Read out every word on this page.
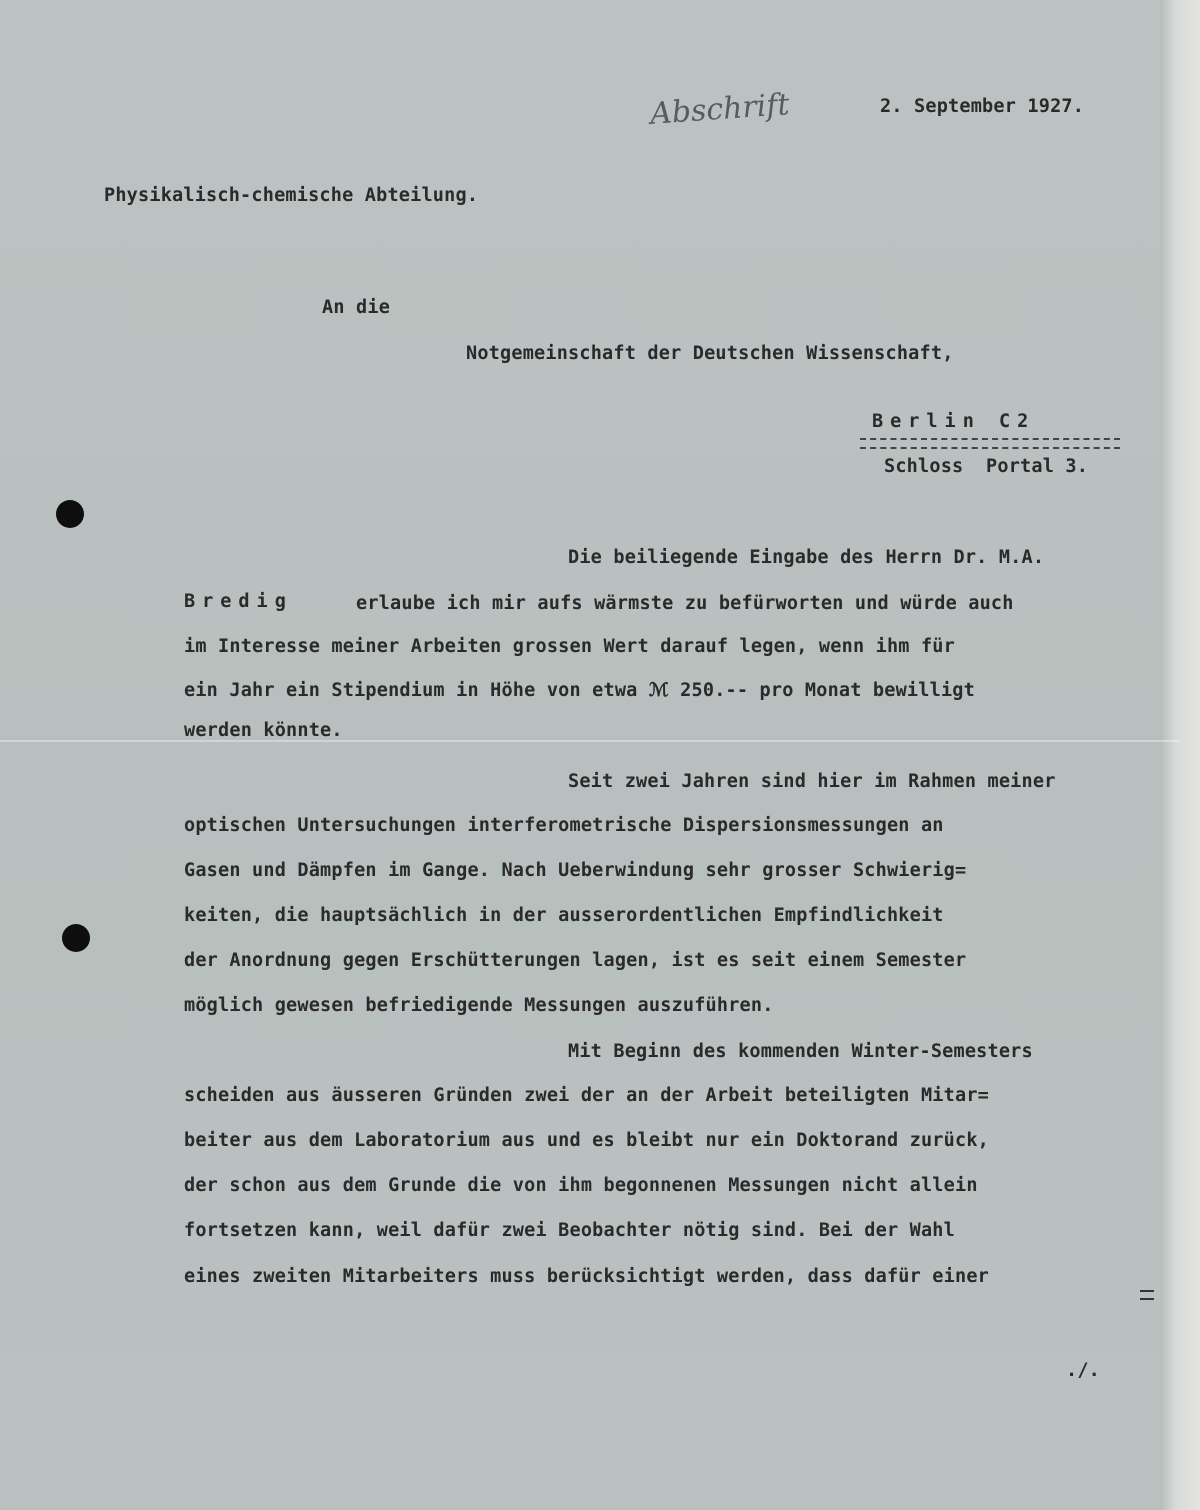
Abschrift	2. September 1927.
Physikalisch-chemische Abteilung.
An die
Notgemeinschaft der Deutschen Wissenschaft,
Berlin C2
Schloss  Portal 3.
Die beiliegende Eingabe des Herrn Dr. M.A.
Bredig	erlaube ich mir aufs wärmste zu befürworten und würde auch
im Interesse meiner Arbeiten grossen Wert darauf legen, wenn ihm für
ein Jahr ein Stipendium in Höhe von etwa ℳ 250.-- pro Monat bewilligt
werden könnte.
Seit zwei Jahren sind hier im Rahmen meiner
optischen Untersuchungen interferometrische Dispersionsmessungen an
Gasen und Dämpfen im Gange. Nach Ueberwindung sehr grosser Schwierig=
keiten, die hauptsächlich in der ausserordentlichen Empfindlichkeit
der Anordnung gegen Erschütterungen lagen, ist es seit einem Semester
möglich gewesen befriedigende Messungen auszuführen.
Mit Beginn des kommenden Winter-Semesters
scheiden aus äusseren Gründen zwei der an der Arbeit beteiligten Mitar=
beiter aus dem Laboratorium aus und es bleibt nur ein Doktorand zurück,
der schon aus dem Grunde die von ihm begonnenen Messungen nicht allein
fortsetzen kann, weil dafür zwei Beobachter nötig sind. Bei der Wahl
eines zweiten Mitarbeiters muss berücksichtigt werden, dass dafür einer
./.
